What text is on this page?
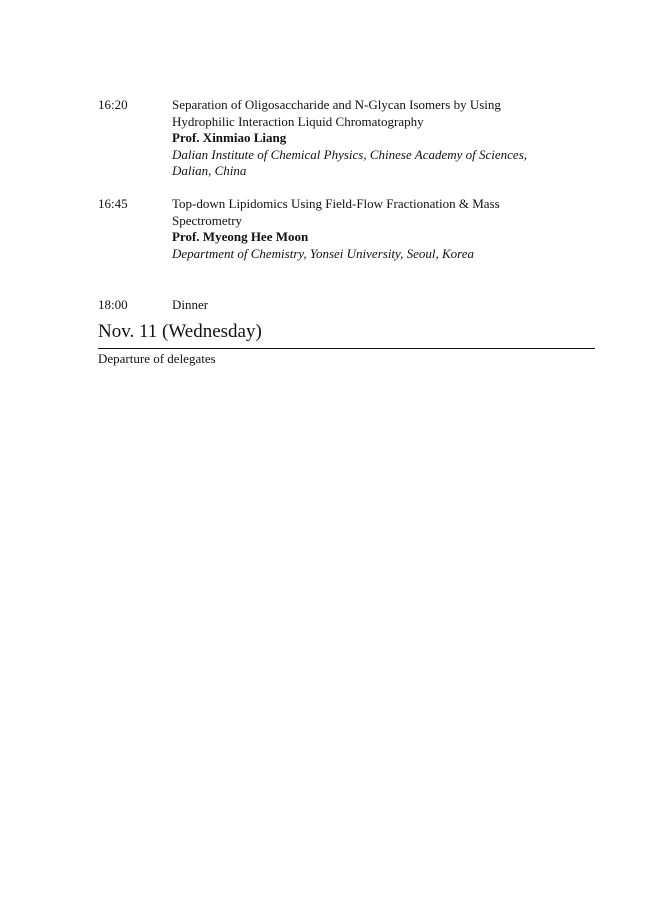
16:20	Separation of Oligosaccharide and N-Glycan Isomers by Using
Hydrophilic Interaction Liquid Chromatography
Prof. Xinmiao Liang
Dalian Institute of Chemical Physics, Chinese Academy of Sciences,
Dalian, China
16:45	Top-down Lipidomics Using Field-Flow Fractionation & Mass
Spectrometry
Prof. Myeong Hee Moon
Department of Chemistry, Yonsei University, Seoul, Korea
18:00	Dinner
Nov. 11 (Wednesday)
Departure of delegates
